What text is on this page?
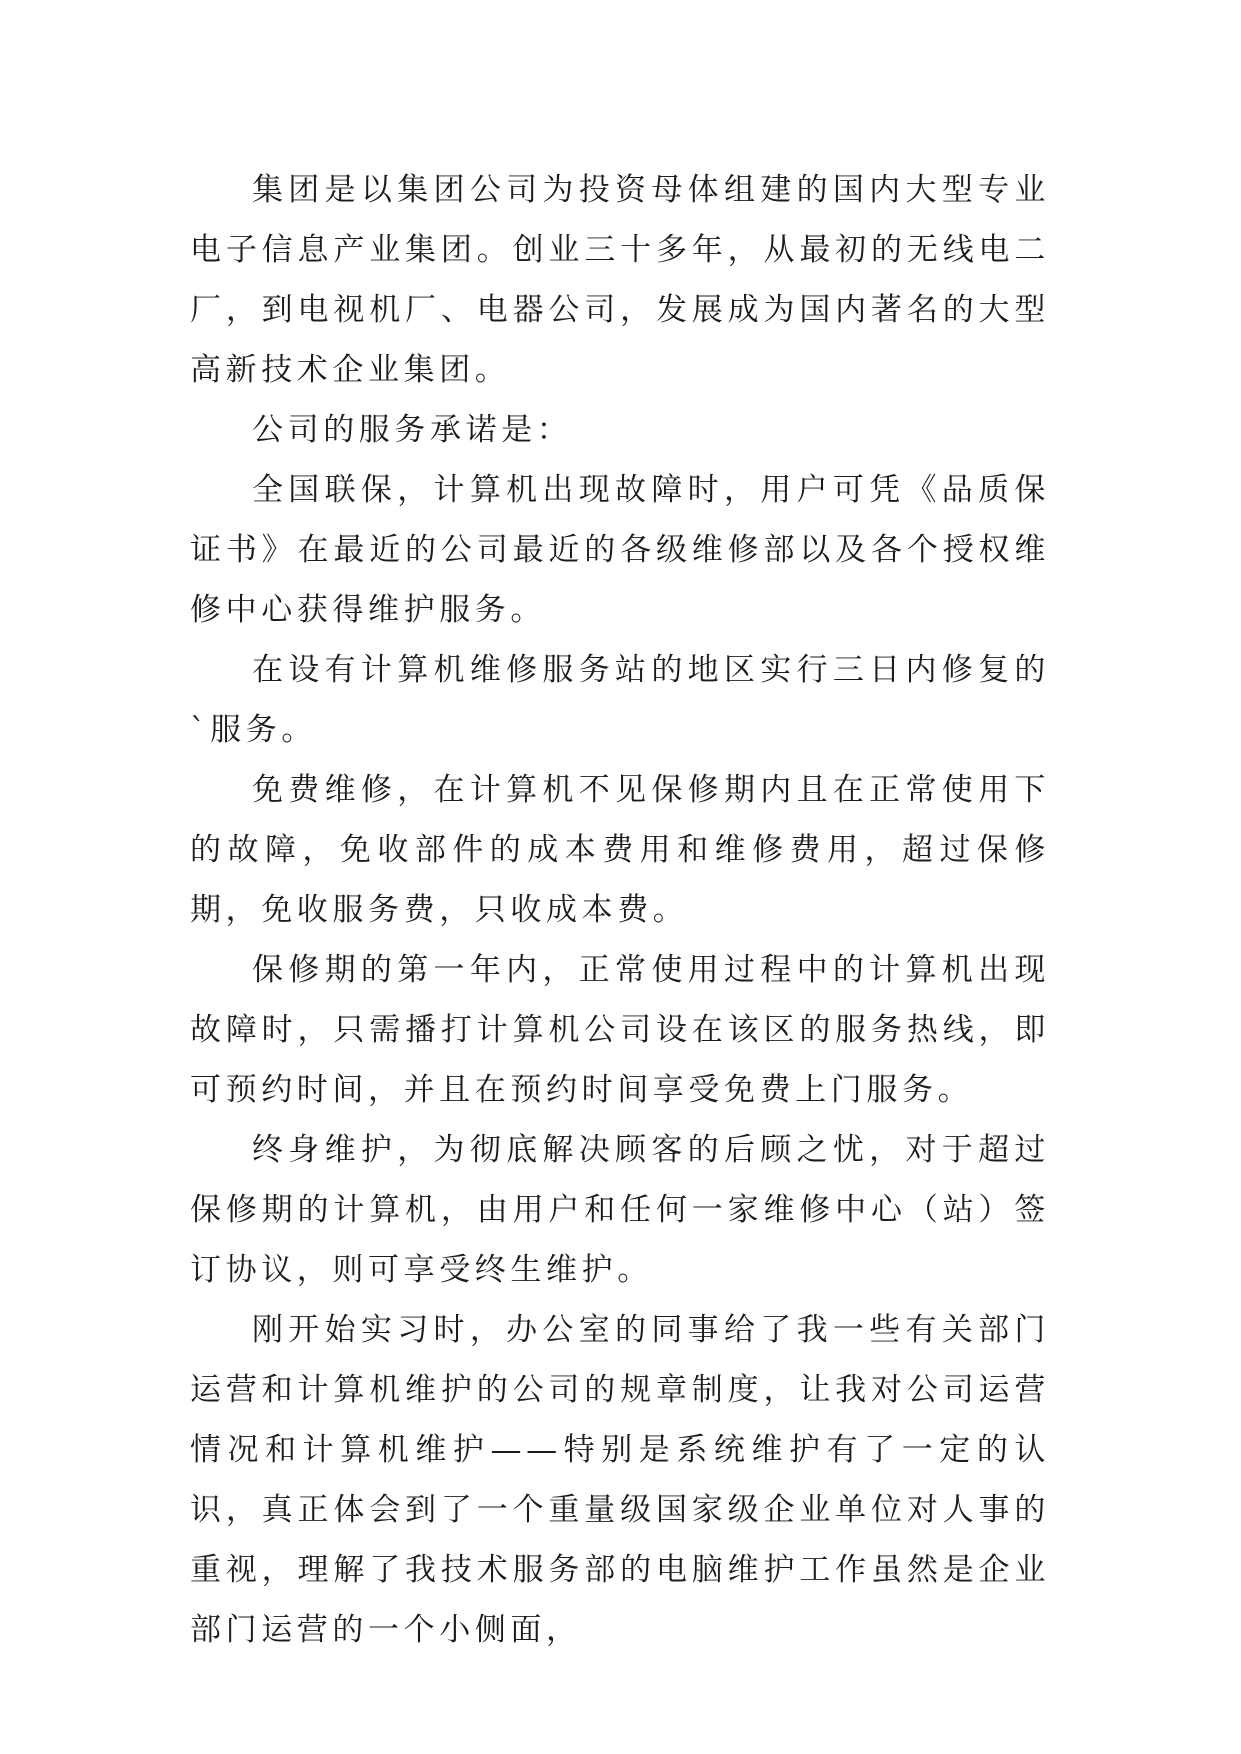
集团是以集团公司为投资母体组建的国内大型专业电子信息产业集团。创业三十多年，从最初的无线电二厂，到电视机厂、电器公司，发展成为国内著名的大型高新技术企业集团。

公司的服务承诺是：

全国联保，计算机出现故障时，用户可凭《品质保证书》在最近的公司最近的各级维修部以及各个授权维修中心获得维护服务。

在设有计算机维修服务站的地区实行三日内修复的`服务。

免费维修，在计算机不见保修期内且在正常使用下的故障，免收部件的成本费用和维修费用，超过保修期，免收服务费，只收成本费。

保修期的第一年内，正常使用过程中的计算机出现故障时，只需播打计算机公司设在该区的服务热线，即可预约时间，并且在预约时间享受免费上门服务。

终身维护，为彻底解决顾客的后顾之忧，对于超过保修期的计算机，由用户和任何一家维修中心（站）签订协议，则可享受终生维护。

刚开始实习时，办公室的同事给了我一些有关部门运营和计算机维护的公司的规章制度，让我对公司运营情况和计算机维护——特别是系统维护有了一定的认识，真正体会到了一个重量级国家级企业单位对人事的重视，理解了我技术服务部的电脑维护工作虽然是企业部门运营的一个小侧面，
